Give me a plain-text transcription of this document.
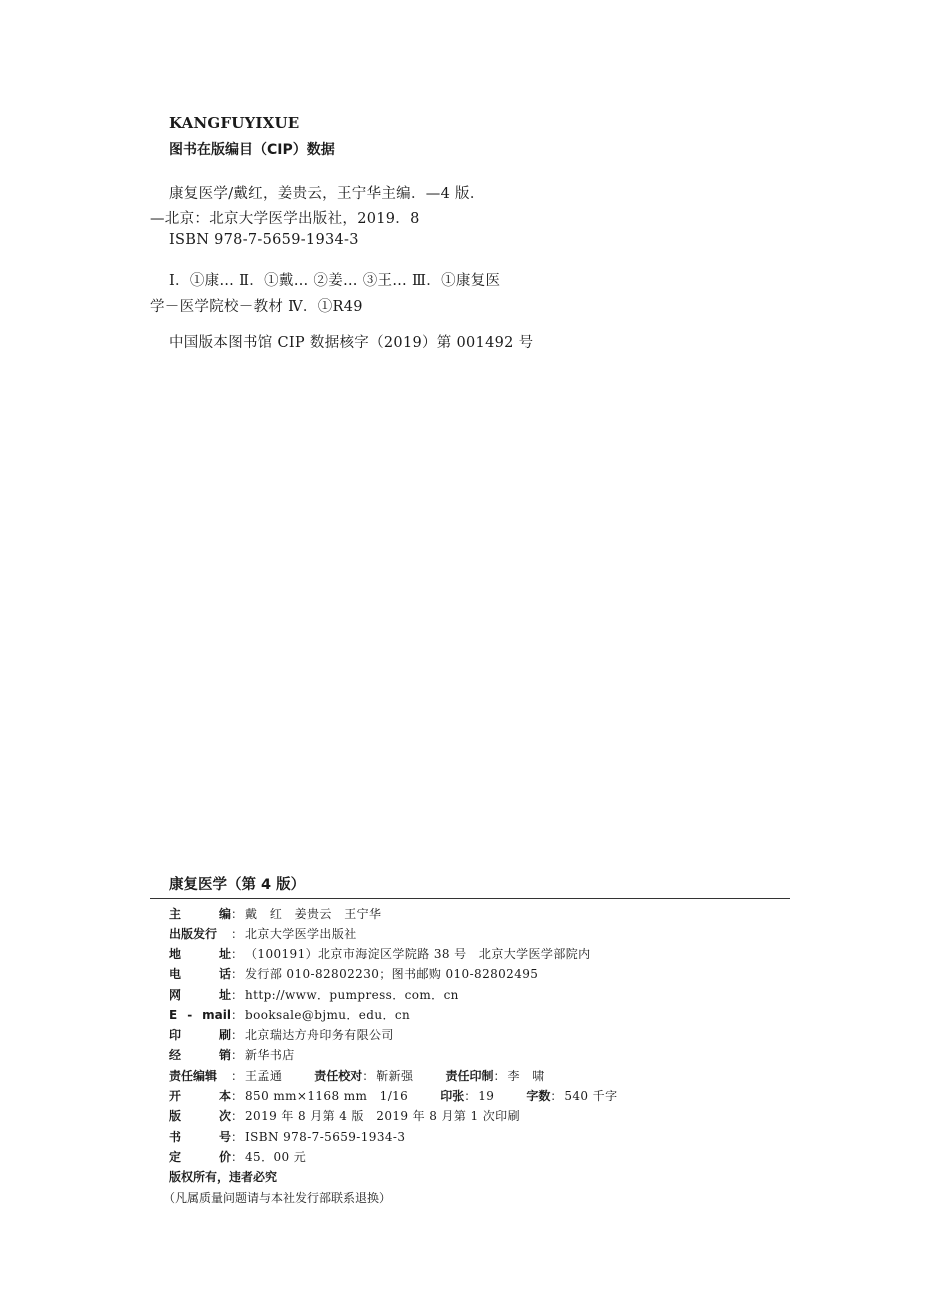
KANGFUYIXUE
图书在版编目（CIP）数据
康复医学/戴红，姜贵云，王宁华主编．—4 版．
—北京：北京大学医学出版社，2019．8
ISBN 978-7-5659-1934-3
Ⅰ．①康… Ⅱ．①戴… ②姜… ③王… Ⅲ．①康复医
学－医学院校－教材 Ⅳ．①R49
中国版本图书馆 CIP 数据核字（2019）第 001492 号
康复医学（第 4 版）
主	编 ： 戴　红　姜贵云　王宁华
出版发行	： 北京大学医学出版社
地	址 ： （100191）北京市海淀区学院路 38 号　北京大学医学部院内
电	话 ： 发行部 010-82802230；图书邮购 010-82802495
网	址 ： http://www．pumpress．com．cn
E - mail ： booksale@bjmu．edu．cn
印	刷 ： 北京瑞达方舟印务有限公司
经	销 ： 新华书店
责任编辑	： 王孟通	责任校对 ： 靳新强	责任印制 ： 李　啸
开	本 ： 850 mm×1168 mm　1/16	印张 ： 19	字数 ： 540 千字
版	次 ： 2019 年 8 月第 4 版　2019 年 8 月第 1 次印刷
书	号 ： ISBN 978-7-5659-1934-3
定	价 ： 45．00 元
版权所有，违者必究
（凡属质量问题请与本社发行部联系退换）
